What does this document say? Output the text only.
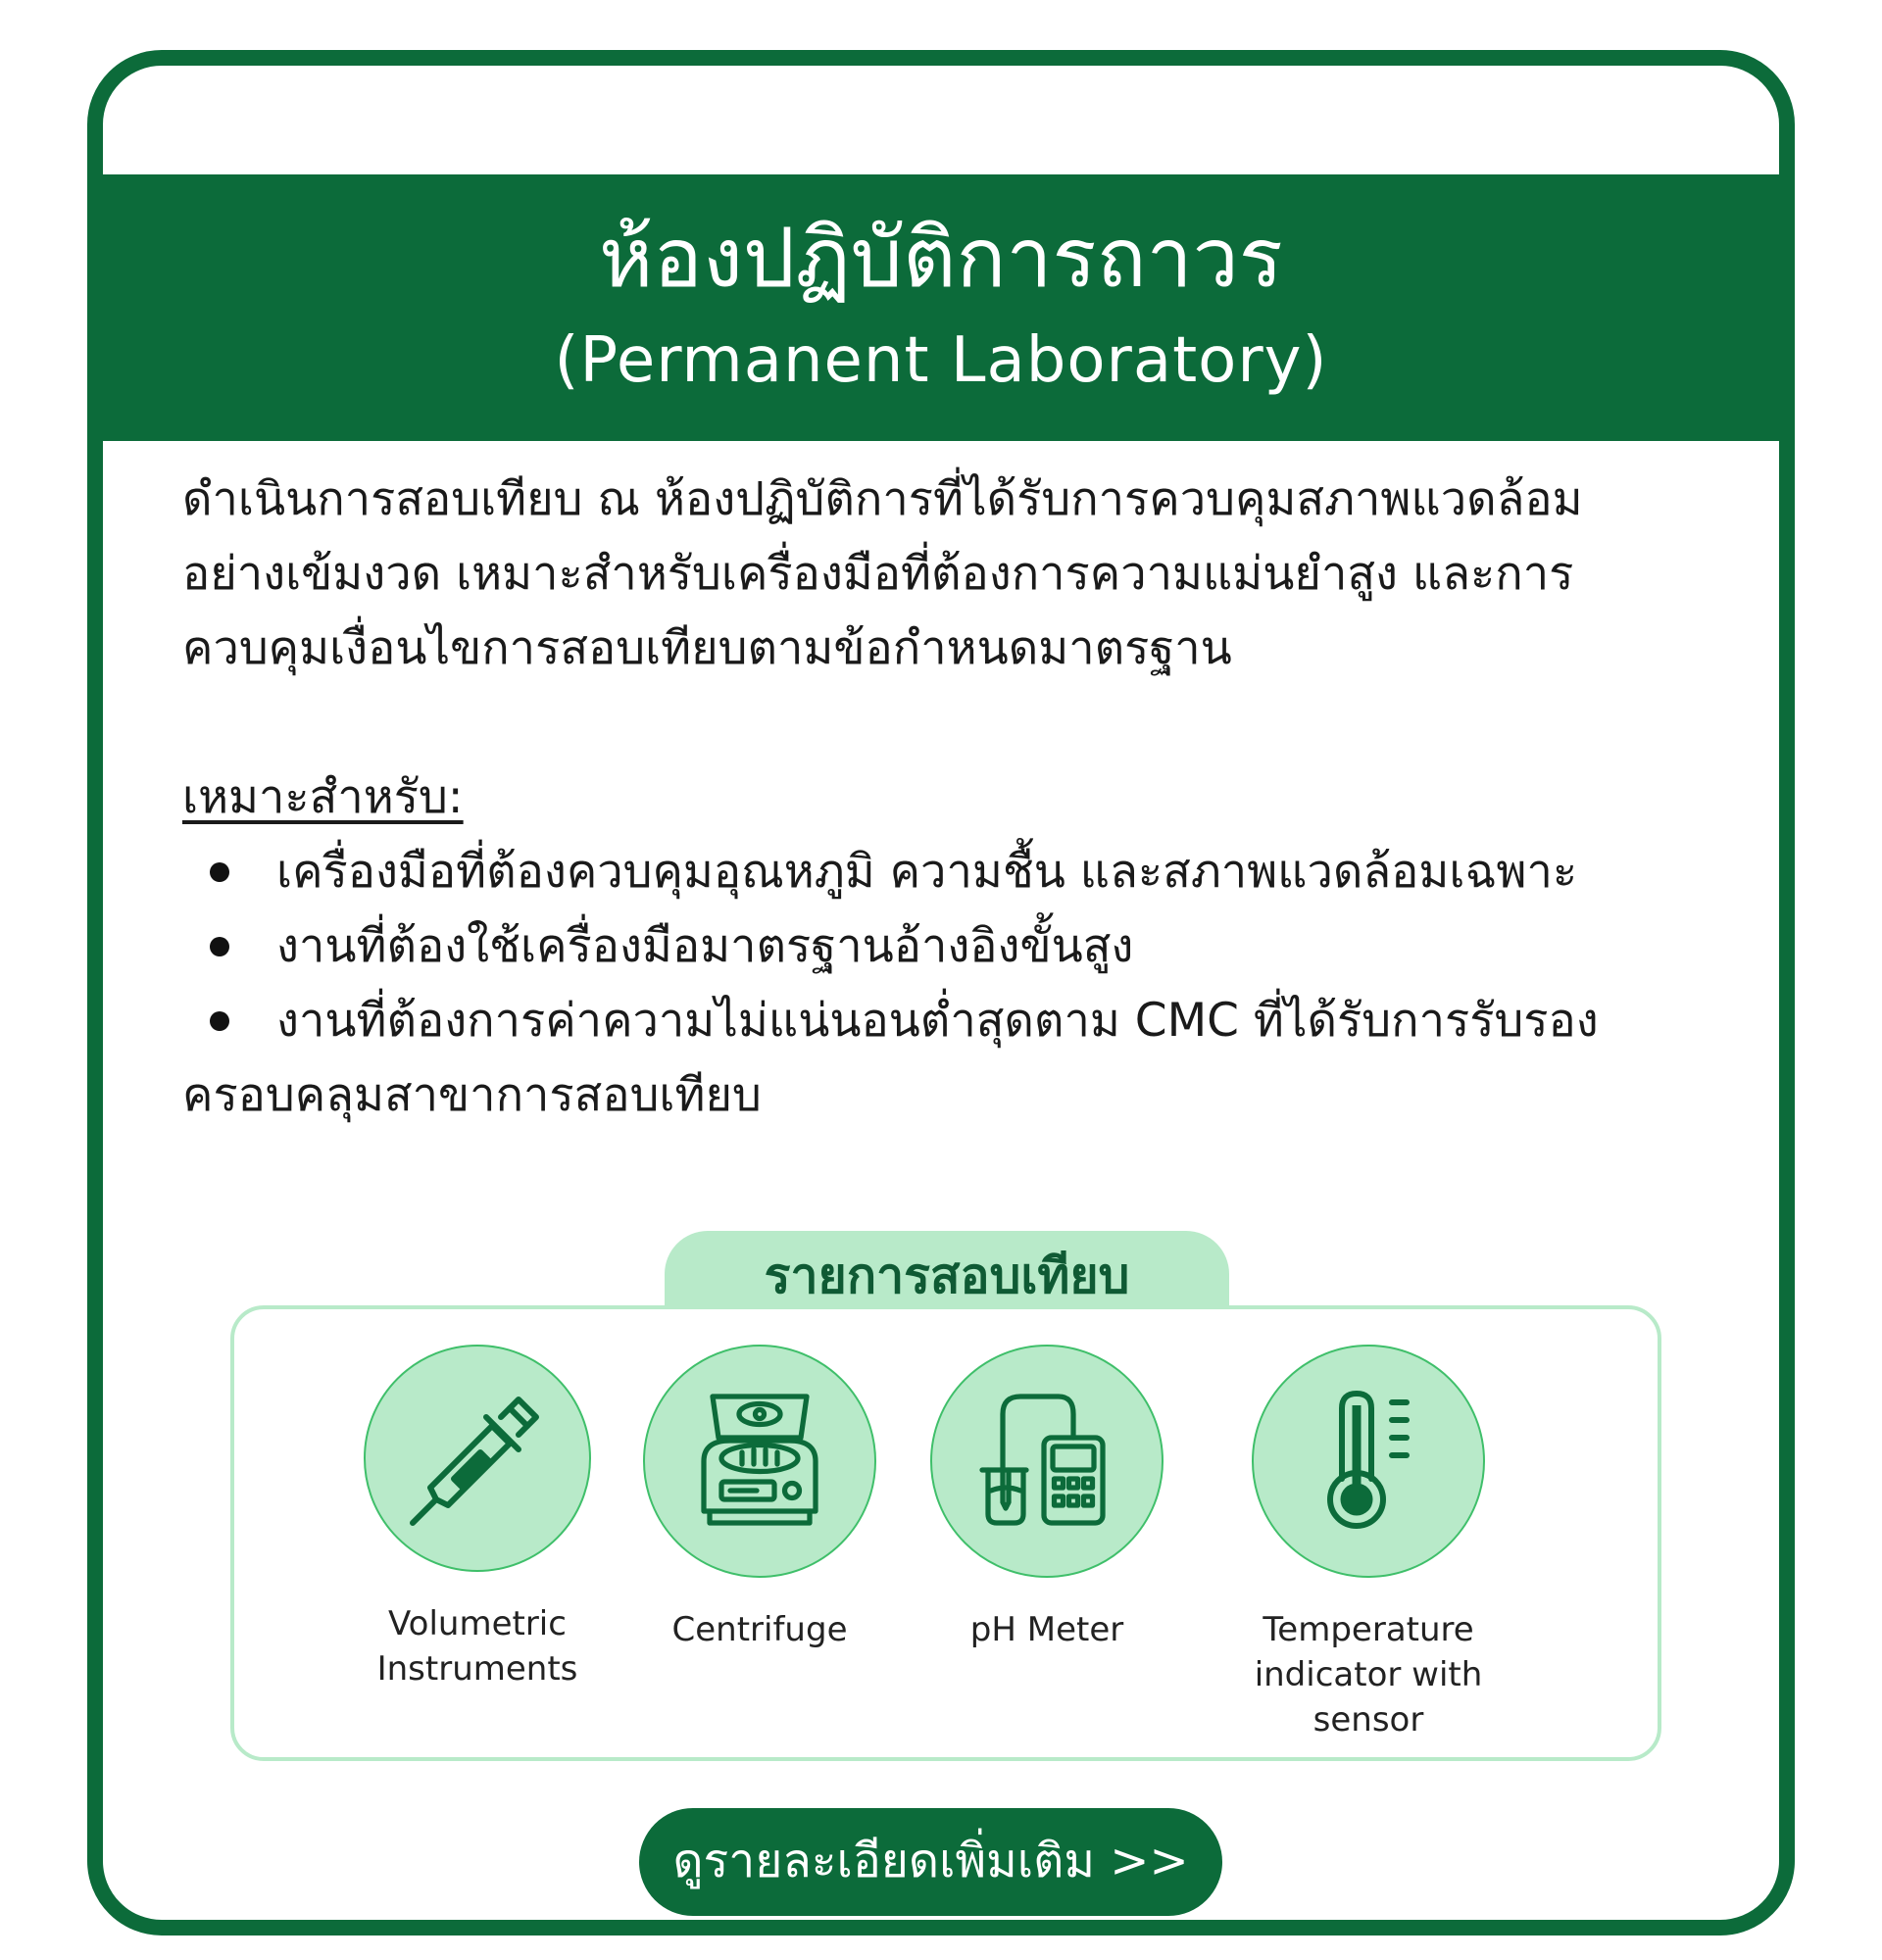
ห้องปฏิบัติการถาวร
(Permanent Laboratory)

ดำเนินการสอบเทียบ ณ ห้องปฏิบัติการที่ได้รับการควบคุมสภาพแวดล้อม

อย่างเข้มงวด เหมาะสำหรับเครื่องมือที่ต้องการความแม่นยำสูง และการ

ควบคุมเงื่อนไขการสอบเทียบตามข้อกำหนดมาตรฐาน

เหมาะสำหรับ:

เครื่องมือที่ต้องควบคุมอุณหภูมิ ความชื้น และสภาพแวดล้อมเฉพาะ
งานที่ต้องใช้เครื่องมือมาตรฐานอ้างอิงขั้นสูง
งานที่ต้องการค่าความไม่แน่นอนต่ำสุดตาม CMC ที่ได้รับการรับรอง

ครอบคลุมสาขาการสอบเทียบ

รายการสอบเทียบ
Volumetric Instruments
Centrifuge	pH Meter	Temperature indicator with sensor
ดูรายละเอียดเพิ่มเติม >>
